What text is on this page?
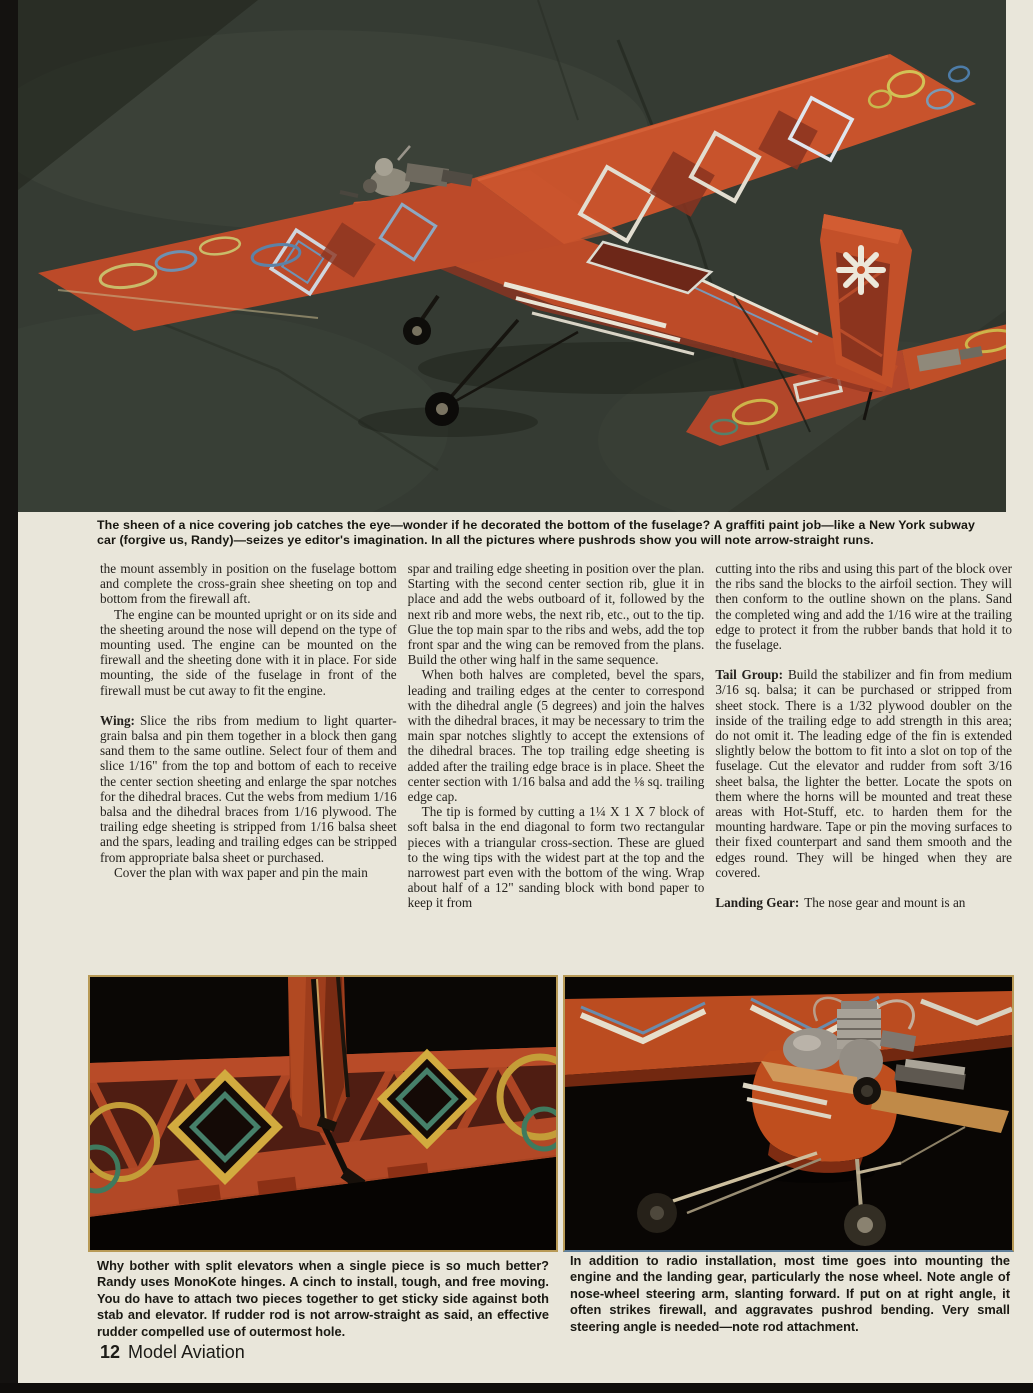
The sheen of a nice covering job catches the eye—wonder if he decorated the bottom of the fuselage? A graffiti paint job—like a New York subway car (forgive us, Randy)—seizes ye editor's imagination. In all the pictures where pushrods show you will note arrow-straight runs.

the mount assembly in position on the fuselage bottom and complete the cross-grain shee sheeting on top and bottom from the firewall aft.

The engine can be mounted upright or on its side and the sheeting around the nose will depend on the type of mounting used. The engine can be mounted on the firewall and the sheeting done with it in place. For side mounting, the side of the fuselage in front of the firewall must be cut away to fit the engine.

Wing: Slice the ribs from medium to light quarter-grain balsa and pin them together in a block then gang sand them to the same outline. Select four of them and slice 1/16" from the top and bottom of each to receive the center section sheeting and enlarge the spar notches for the dihedral braces. Cut the webs from medium 1/16 balsa and the dihedral braces from 1/16 plywood. The trailing edge sheeting is stripped from 1/16 balsa sheet and the spars, leading and trailing edges can be stripped from appropriate balsa sheet or purchased.

Cover the plan with wax paper and pin the main

spar and trailing edge sheeting in position over the plan. Starting with the second center section rib, glue it in place and add the webs outboard of it, followed by the next rib and more webs, the next rib, etc., out to the tip. Glue the top main spar to the ribs and webs, add the top front spar and the wing can be removed from the plans. Build the other wing half in the same sequence.

When both halves are completed, bevel the spars, leading and trailing edges at the center to correspond with the dihedral angle (5 degrees) and join the halves with the dihedral braces, it may be necessary to trim the main spar notches slightly to accept the extensions of the dihedral braces. The top trailing edge sheeting is added after the trailing edge brace is in place. Sheet the center section with 1/16 balsa and add the ⅛ sq. trailing edge cap.

The tip is formed by cutting a 1¼ X 1 X 7 block of soft balsa in the end diagonal to form two rectangular pieces with a triangular cross-section. These are glued to the wing tips with the widest part at the top and the narrowest part even with the bottom of the wing. Wrap about half of a 12" sanding block with bond paper to keep it from

cutting into the ribs and using this part of the block over the ribs sand the blocks to the airfoil section. They will then conform to the outline shown on the plans. Sand the completed wing and add the 1/16 wire at the trailing edge to protect it from the rubber bands that hold it to the fuselage.

Tail Group: Build the stabilizer and fin from medium 3/16 sq. balsa; it can be purchased or stripped from sheet stock. There is a 1/32 plywood doubler on the inside of the trailing edge to add strength in this area; do not omit it. The leading edge of the fin is extended slightly below the bottom to fit into a slot on top of the fuselage. Cut the elevator and rudder from soft 3/16 sheet balsa, the lighter the better. Locate the spots on them where the horns will be mounted and treat these areas with Hot-Stuff, etc. to harden them for the mounting hardware. Tape or pin the moving surfaces to their fixed counterpart and sand them smooth and the edges round. They will be hinged when they are covered.

Landing Gear: The nose gear and mount is an

Why bother with split elevators when a single piece is so much better? Randy uses MonoKote hinges. A cinch to install, tough, and free moving. You do have to attach two pieces together to get sticky side against both stab and elevator. If rudder rod is not arrow-straight as said, an effective rudder compelled use of outermost hole.
In addition to radio installation, most time goes into mounting the engine and the landing gear, particularly the nose wheel. Note angle of nose-wheel steering arm, slanting forward. If put on at right angle, it often strikes firewall, and aggravates pushrod bending. Very small steering angle is needed—note rod attachment.
12 Model Aviation
